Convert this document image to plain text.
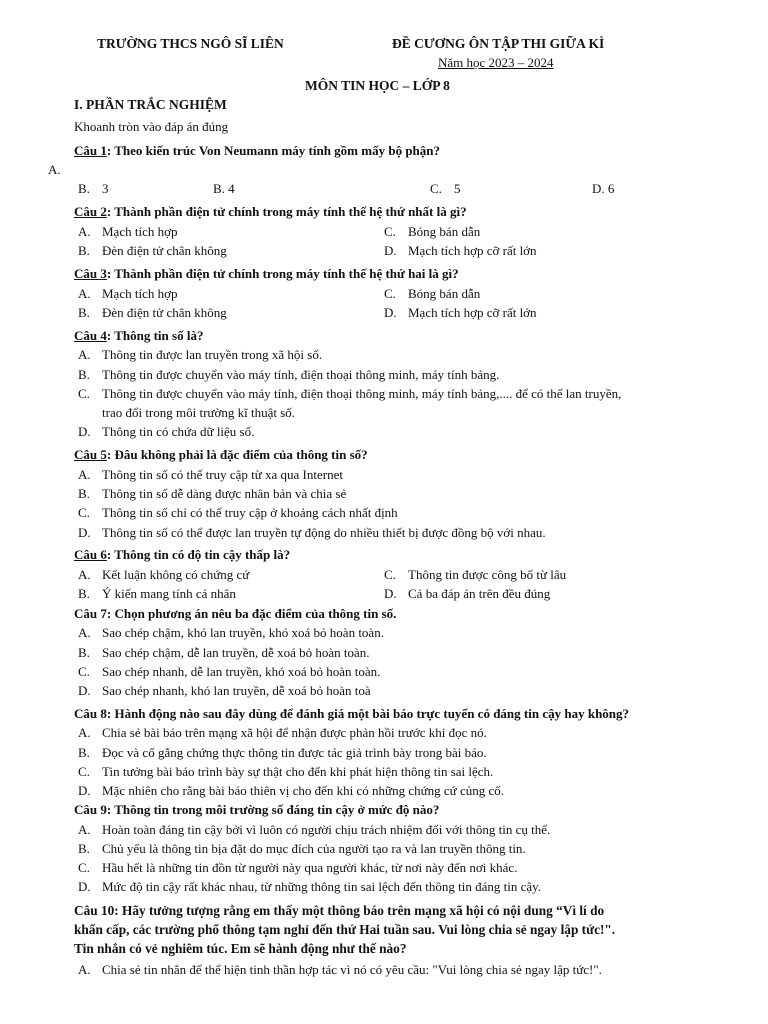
TRƯỜNG THCS NGÔ SĨ LIÊN	ĐỀ CƯƠNG ÔN TẬP THI GIỮA KÌ
Năm học 2023 – 2024
MÔN TIN HỌC – LỚP 8
I. PHẦN TRẮC NGHIỆM
Khoanh tròn vào đáp án đúng
Câu 1: Theo kiến trúc Von Neumann máy tính gồm mấy bộ phận?
A.
B. 3	B. 4	C. 5	D. 6
Câu 2: Thành phần điện tử chính trong máy tính thế hệ thứ nhất là gì?
A. Mạch tích hợp	C. Bóng bán dẫn
B. Đèn điện tử chân không	D. Mạch tích hợp cỡ rất lớn
Câu 3: Thành phần điện tử chính trong máy tính thế hệ thứ hai là gì?
A. Mạch tích hợp	C. Bóng bán dẫn
B. Đèn điện tử chân không	D. Mạch tích hợp cỡ rất lớn
Câu 4: Thông tin số là?
A. Thông tin được lan truyền trong xã hội số.
B. Thông tin được chuyển vào máy tính, điện thoại thông minh, máy tính bảng.
C. Thông tin được chuyển vào máy tính, điện thoại thông minh, máy tính bảng,.... để có thể lan truyền,
trao đổi trong môi trường kĩ thuật số.
D. Thông tin có chứa dữ liệu số.
Câu 5: Đâu không phải là đặc điểm của thông tin số?
A. Thông tin số có thể truy cập từ xa qua Internet
B. Thông tin số dễ dàng được nhân bản và chia sẻ
C. Thông tin số chỉ có thể truy cập ở khoảng cách nhất định
D. Thông tin số có thể được lan truyền tự động do nhiều thiết bị được đồng bộ với nhau.
Câu 6: Thông tin có độ tin cậy thấp là?
A. Kết luận không có chứng cứ	C. Thông tin được công bố từ lâu
B. Ý kiến mang tính cá nhân	D. Cả ba đáp án trên đều đúng
Câu 7: Chọn phương án nêu ba đặc điểm của thông tin số.
A. Sao chép chậm, khó lan truyền, khó xoá bỏ hoàn toàn.
B. Sao chép chậm, dễ lan truyền, dễ xoá bỏ hoàn toàn.
C. Sao chép nhanh, dễ lan truyền, khó xoá bỏ hoàn toàn.
D. Sao chép nhanh, khó lan truyền, dễ xoá bỏ hoàn toà
Câu 8: Hành động nào sau đây dùng để đánh giá một bài báo trực tuyến có đáng tin cậy hay không?
A. Chia sẻ bài báo trên mạng xã hội để nhận được phản hồi trước khi đọc nó.
B. Đọc và cố gắng chứng thực thông tin được tác giả trình bày trong bài báo.
C. Tin tưởng bài báo trình bày sự thật cho đến khi phát hiện thông tin sai lệch.
D. Mặc nhiên cho rằng bài báo thiên vị cho đến khi có những chứng cứ củng cố.
Câu 9: Thông tin trong môi trường số đáng tin cậy ở mức độ nào?
A. Hoàn toàn đáng tin cậy bởi vì luôn có người chịu trách nhiệm đối với thông tin cụ thể.
B. Chủ yếu là thông tin bịa đặt do mục đích của người tạo ra và lan truyền thông tin.
C. Hầu hết là những tin đồn từ người này qua người khác, từ nơi này đến nơi khác.
D. Mức độ tin cậy rất khác nhau, từ những thông tin sai lệch đến thông tin đáng tin cậy.
Câu 10: Hãy tưởng tượng rằng em thấy một thông báo trên mạng xã hội có nội dung “Vì lí do
khẩn cấp, các trường phổ thông tạm nghỉ đến thứ Hai tuần sau. Vui lòng chia sẻ ngay lập tức!".
Tin nhắn có vẻ nghiêm túc. Em sẽ hành động như thế nào?
A. Chia sẻ tin nhắn để thể hiện tinh thần hợp tác vì nó có yêu cầu: "Vui lòng chia sẻ ngay lập tức!".
